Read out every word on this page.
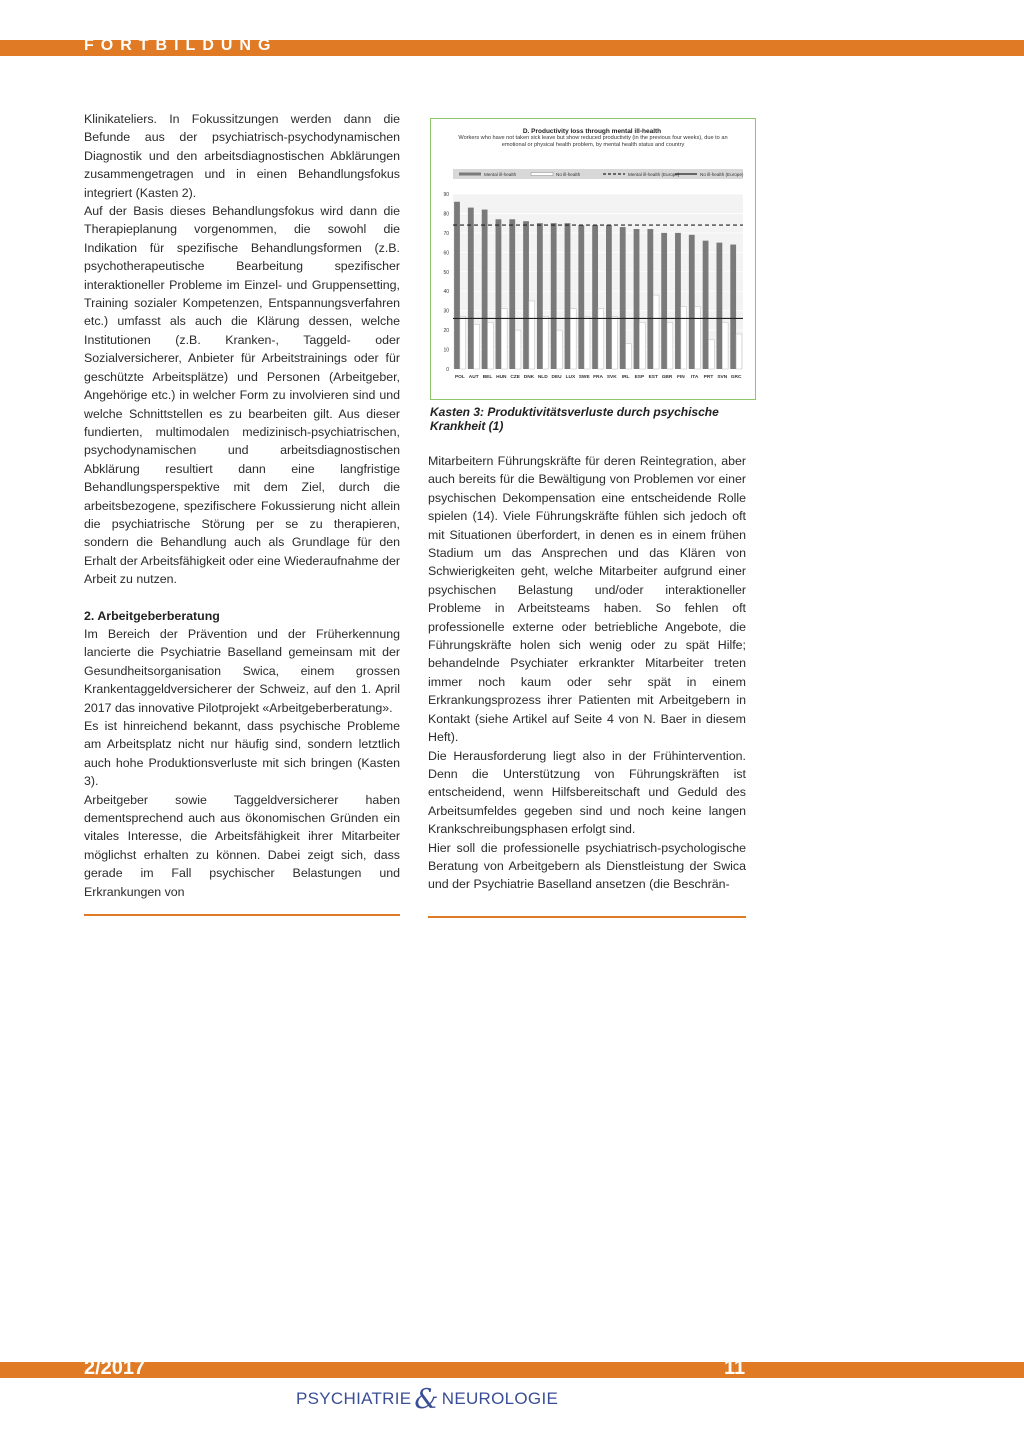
FORTBILDUNG

Klinikateliers. In Fokussitzungen werden dann die Befunde aus der psychiatrisch-psychodynamischen Diagnostik und den arbeitsdiagnostischen Abklärungen zusammengetragen und in einen Behandlungsfokus integriert (Kasten 2).

Auf der Basis dieses Behandlungsfokus wird dann die Therapieplanung vorgenommen, die sowohl die Indikation für spezifische Behandlungsformen (z.B. psychotherapeutische Bearbeitung spezifischer interaktioneller Probleme im Einzel- und Gruppensetting, Training sozialer Kompetenzen, Entspannungsverfahren etc.) umfasst als auch die Klärung dessen, welche Institutionen (z.B. Kranken-, Taggeld- oder Sozialversicherer, Anbieter für Arbeitstrainings oder für geschützte Arbeitsplätze) und Personen (Arbeitgeber, Angehörige etc.) in welcher Form zu involvieren sind und welche Schnittstellen es zu bearbeiten gilt. Aus dieser fundierten, multimodalen medizinisch-psychiatrischen, psychodynamischen und arbeitsdiagnostischen Abklärung resultiert dann eine langfristige Behandlungsperspektive mit dem Ziel, durch die arbeitsbezogene, spezifischere Fokussierung nicht allein die psychiatrische Störung per se zu therapieren, sondern die Behandlung auch als Grundlage für den Erhalt der Arbeitsfähigkeit oder eine Wiederaufnahme der Arbeit zu nutzen.

2. Arbeitgeberberatung

Im Bereich der Prävention und der Früherkennung lancierte die Psychiatrie Baselland gemeinsam mit der Gesundheitsorganisation Swica, einem grossen Krankentaggeldversicherer der Schweiz, auf den 1. April 2017 das innovative Pilotprojekt «Arbeitgeberberatung».

Es ist hinreichend bekannt, dass psychische Probleme am Arbeitsplatz nicht nur häufig sind, sondern letztlich auch hohe Produktionsverluste mit sich bringen (Kasten 3).

Arbeitgeber sowie Taggeldversicherer haben dementsprechend auch aus ökonomischen Gründen ein vitales Interesse, die Arbeitsfähigkeit ihrer Mitarbeiter möglichst erhalten zu können. Dabei zeigt sich, dass gerade im Fall psychischer Belastungen und Erkrankungen von

D. Productivity loss through mental ill-health
Workers who have not taken sick leave but show reduced productivity (in the previous four weeks), due to an emotional or physical health problem, by mental health status and country
Mental ill-health	No ill-health	Mental ill-health (Europe)	No ill-health (Europe)
0
10
20
30
40
50
60
70
80
90
POL AUT BEL HUN CZE DNK NLD DEU LUX SWE FRA SVK IRL ESP EST GBR FIN ITA PRT SVN GRC
Kasten 3: Produktivitätsverluste durch psychische Krankheit (1)

Mitarbeitern Führungskräfte für deren Reintegration, aber auch bereits für die Bewältigung von Problemen vor einer psychischen Dekompensation eine entscheidende Rolle spielen (14). Viele Führungskräfte fühlen sich jedoch oft mit Situationen überfordert, in denen es in einem frühen Stadium um das Ansprechen und das Klären von Schwierigkeiten geht, welche Mitarbeiter aufgrund einer psychischen Belastung und/oder interaktioneller Probleme in Arbeitsteams haben. So fehlen oft professionelle externe oder betriebliche Angebote, die Führungskräfte holen sich wenig oder zu spät Hilfe; behandelnde Psychiater erkrankter Mitarbeiter treten immer noch kaum oder sehr spät in einem Erkrankungsprozess ihrer Patienten mit Arbeitgebern in Kontakt (siehe Artikel auf Seite 4 von N. Baer in diesem Heft).

Die Herausforderung liegt also in der Frühintervention. Denn die Unterstützung von Führungskräften ist entscheidend, wenn Hilfsbereitschaft und Geduld des Arbeitsumfeldes gegeben sind und noch keine langen Krankschreibungsphasen erfolgt sind.

Hier soll die professionelle psychiatrisch-psychologische Beratung von Arbeitgebern als Dienstleistung der Swica und der Psychiatrie Baselland ansetzen (die Beschrän-

2/2017	11
PSYCHIATRIE & NEUROLOGIE
